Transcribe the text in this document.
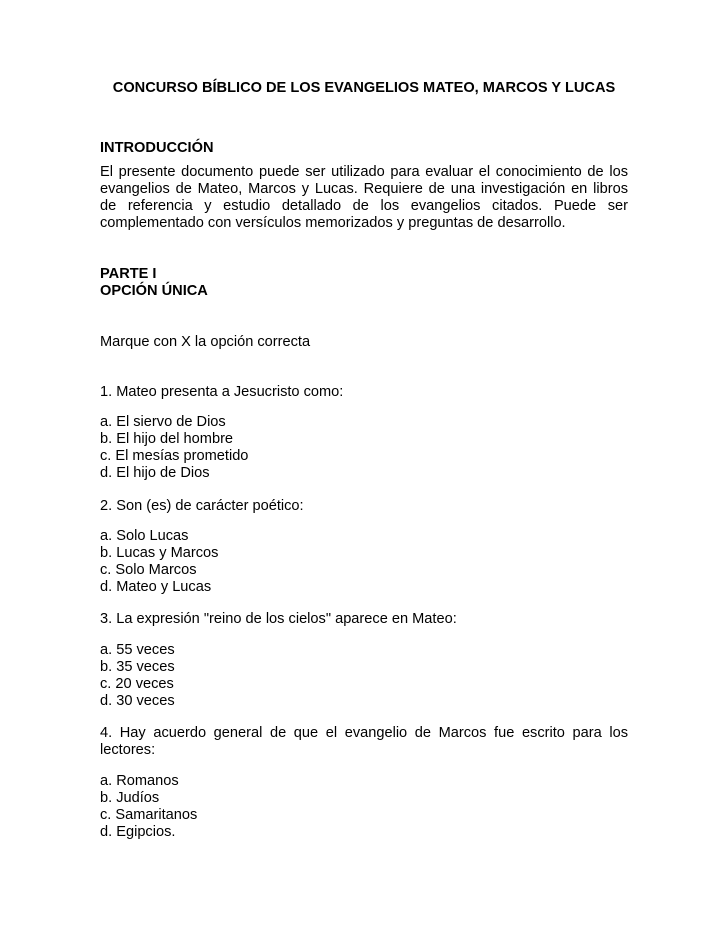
CONCURSO BÍBLICO DE LOS EVANGELIOS MATEO, MARCOS Y LUCAS

INTRODUCCIÓN

El presente documento puede ser utilizado para evaluar el conocimiento de los evangelios de Mateo, Marcos y Lucas. Requiere de una investigación en libros de referencia y estudio detallado de los evangelios citados. Puede ser complementado con versículos memorizados y preguntas de desarrollo.

PARTE I

OPCIÓN ÚNICA

Marque con X la opción correcta

1. Mateo presenta a Jesucristo como:

a. El siervo de Dios
b. El hijo del hombre
c. El mesías prometido
d. El hijo de Dios

2. Son (es) de carácter poético:

a. Solo Lucas
b. Lucas y Marcos
c. Solo Marcos
d. Mateo y Lucas

3. La expresión "reino de los cielos" aparece en Mateo:

a. 55 veces
b. 35 veces
c. 20 veces
d. 30 veces

4. Hay acuerdo general de que el evangelio de Marcos fue escrito para los lectores:

a. Romanos
b. Judíos
c. Samaritanos
d. Egipcios.
